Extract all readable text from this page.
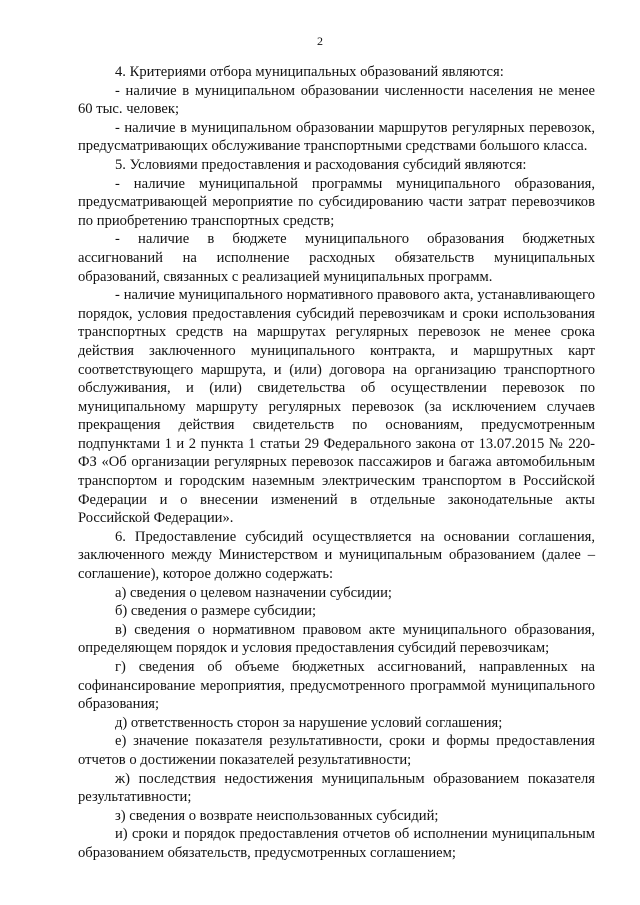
2

4. Критериями отбора муниципальных образований являются:

- наличие в муниципальном образовании численности населения не менее 60 тыс. человек;

- наличие в муниципальном образовании маршрутов регулярных перевозок, предусматривающих обслуживание транспортными средствами большого класса.

5. Условиями предоставления и расходования субсидий являются:

- наличие муниципальной программы муниципального образования, предусматривающей мероприятие по субсидированию части затрат перевозчиков по приобретению транспортных средств;

- наличие в бюджете муниципального образования бюджетных ассигнований на исполнение расходных обязательств муниципальных образований, связанных с реализацией муниципальных программ.

- наличие муниципального нормативного правового акта, устанавливающего порядок, условия предоставления субсидий перевозчикам и сроки использования транспортных средств на маршрутах регулярных перевозок не менее срока действия заключенного муниципального контракта, и маршрутных карт соответствующего маршрута, и (или) договора на организацию транспортного обслуживания, и (или) свидетельства об осуществлении перевозок по муниципальному маршруту регулярных перевозок (за исключением случаев прекращения действия свидетельств по основаниям, предусмотренным подпунктами 1 и 2 пункта 1 статьи 29 Федерального закона от 13.07.2015 № 220-ФЗ «Об организации регулярных перевозок пассажиров и багажа автомобильным транспортом и городским наземным электрическим транспортом в Российской Федерации и о внесении изменений в отдельные законодательные акты Российской Федерации».

6. Предоставление субсидий осуществляется на основании соглашения, заключенного между Министерством и муниципальным образованием (далее – соглашение), которое должно содержать:

а) сведения о целевом назначении субсидии;

б) сведения о размере субсидии;

в) сведения о нормативном правовом акте муниципального образования, определяющем порядок и условия предоставления субсидий перевозчикам;

г) сведения об объеме бюджетных ассигнований, направленных на софинансирование мероприятия, предусмотренного программой муниципального образования;

д) ответственность сторон за нарушение условий соглашения;

е) значение показателя результативности, сроки и формы предоставления отчетов о достижении показателей результативности;

ж) последствия недостижения муниципальным образованием показателя результативности;

з) сведения о возврате неиспользованных субсидий;

и) сроки и порядок предоставления отчетов об исполнении муниципальным образованием обязательств, предусмотренных соглашением;
